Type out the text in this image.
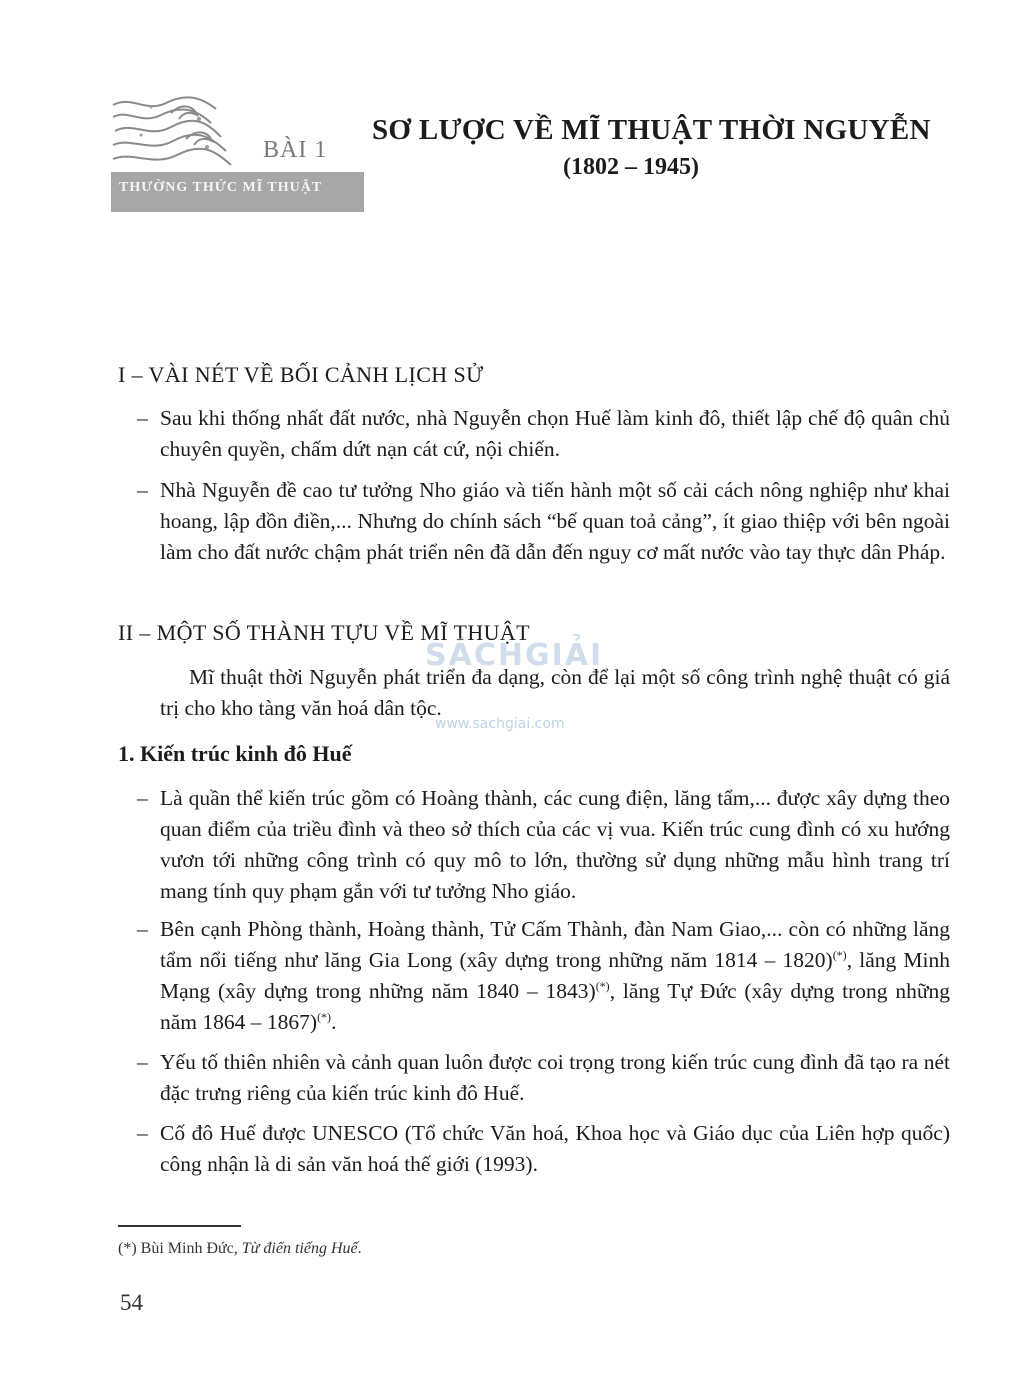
BÀI 1
THƯỜNG THỨC MĨ THUẬT
SƠ LƯỢC VỀ MĨ THUẬT THỜI NGUYỄN
(1802 – 1945)
I – VÀI NÉT VỀ BỐI CẢNH LỊCH SỬ

– Sau khi thống nhất đất nước, nhà Nguyễn chọn Huế làm kinh đô, thiết lập chế độ quân chủ chuyên quyền, chấm dứt nạn cát cứ, nội chiến.

– Nhà Nguyễn đề cao tư tưởng Nho giáo và tiến hành một số cải cách nông nghiệp như khai hoang, lập đồn điền,... Nhưng do chính sách “bế quan toả cảng”, ít giao thiệp với bên ngoài làm cho đất nước chậm phát triển nên đã dẫn đến nguy cơ mất nước vào tay thực dân Pháp.

II – MỘT SỐ THÀNH TỰU VỀ MĨ THUẬT

Mĩ thuật thời Nguyễn phát triển đa dạng, còn để lại một số công trình nghệ thuật có giá trị cho kho tàng văn hoá dân tộc.

1. Kiến trúc kinh đô Huế

– Là quần thể kiến trúc gồm có Hoàng thành, các cung điện, lăng tẩm,... được xây dựng theo quan điểm của triều đình và theo sở thích của các vị vua. Kiến trúc cung đình có xu hướng vươn tới những công trình có quy mô to lớn, thường sử dụng những mẫu hình trang trí mang tính quy phạm gắn với tư tưởng Nho giáo.

– Bên cạnh Phòng thành, Hoàng thành, Tử Cấm Thành, đàn Nam Giao,... còn có những lăng tẩm nổi tiếng như lăng Gia Long (xây dựng trong những năm 1814 – 1820)(*), lăng Minh Mạng (xây dựng trong những năm 1840 – 1843)(*), lăng Tự Đức (xây dựng trong những năm 1864 – 1867)(*).

– Yếu tố thiên nhiên và cảnh quan luôn được coi trọng trong kiến trúc cung đình đã tạo ra nét đặc trưng riêng của kiến trúc kinh đô Huế.

– Cố đô Huế được UNESCO (Tổ chức Văn hoá, Khoa học và Giáo dục của Liên hợp quốc) công nhận là di sản văn hoá thế giới (1993).

SÁCHGIẢI
www.sachgiai.com
(*) Bùi Minh Đức, Từ điển tiếng Huế.
54
